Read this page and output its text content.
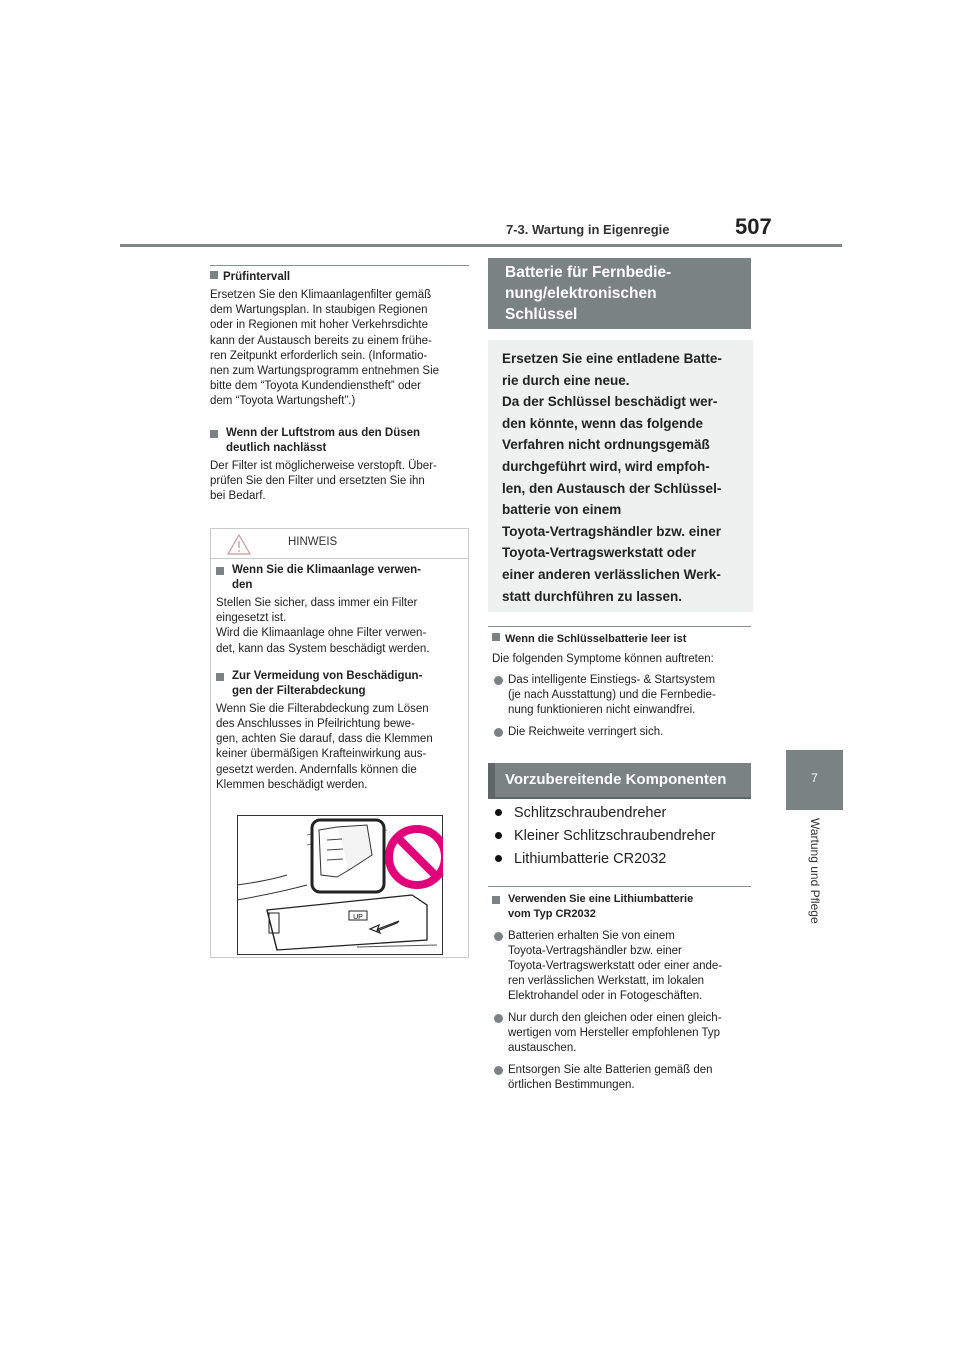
7-3. Wartung in Eigenregie	507
7
Wartung und Pflege
Prüfintervall
Ersetzen Sie den Klimaanlagenfilter gemäß
dem Wartungsplan. In staubigen Regionen
oder in Regionen mit hoher Verkehrsdichte
kann der Austausch bereits zu einem frühe-
ren Zeitpunkt erforderlich sein. (Informatio-
nen zum Wartungsprogramm entnehmen Sie
bitte dem “Toyota Kundendienstheft” oder
dem “Toyota Wartungsheft”.)
Wenn der Luftstrom aus den Düsen
deutlich nachlässt
Der Filter ist möglicherweise verstopft. Über-
prüfen Sie den Filter und ersetzten Sie ihn
bei Bedarf.
HINWEIS
Wenn Sie die Klimaanlage verwen-
den
Stellen Sie sicher, dass immer ein Filter
eingesetzt ist.
Wird die Klimaanlage ohne Filter verwen-
det, kann das System beschädigt werden.
Zur Vermeidung von Beschädigun-
gen der Filterabdeckung
Wenn Sie die Filterabdeckung zum Lösen
des Anschlusses in Pfeilrichtung bewe-
gen, achten Sie darauf, dass die Klemmen
keiner übermäßigen Krafteinwirkung aus-
gesetzt werden. Andernfalls können die
Klemmen beschädigt werden.
UP
Batterie für Fernbedie-
nung/elektronischen
Schlüssel
Ersetzen Sie eine entladene Batte-
rie durch eine neue.
Da der Schlüssel beschädigt wer-
den könnte, wenn das folgende
Verfahren nicht ordnungsgemäß
durchgeführt wird, wird empfoh-
len, den Austausch der Schlüssel-
batterie von einem
Toyota-Vertragshändler bzw. einer
Toyota-Vertragswerkstatt oder
einer anderen verlässlichen Werk-
statt durchführen zu lassen.
Wenn die Schlüsselbatterie leer ist
Die folgenden Symptome können auftreten:
Das intelligente Einstiegs- & Startsystem
(je nach Ausstattung) und die Fernbedie-
nung funktionieren nicht einwandfrei.
Die Reichweite verringert sich.
Vorzubereitende Komponenten
Schlitzschraubendreher
Kleiner Schlitzschraubendreher
Lithiumbatterie CR2032
Verwenden Sie eine Lithiumbatterie
vom Typ CR2032
Batterien erhalten Sie von einem
Toyota-Vertragshändler bzw. einer
Toyota-Vertragswerkstatt oder einer ande-
ren verlässlichen Werkstatt, im lokalen
Elektrohandel oder in Fotogeschäften.
Nur durch den gleichen oder einen gleich-
wertigen vom Hersteller empfohlenen Typ
austauschen.
Entsorgen Sie alte Batterien gemäß den
örtlichen Bestimmungen.
